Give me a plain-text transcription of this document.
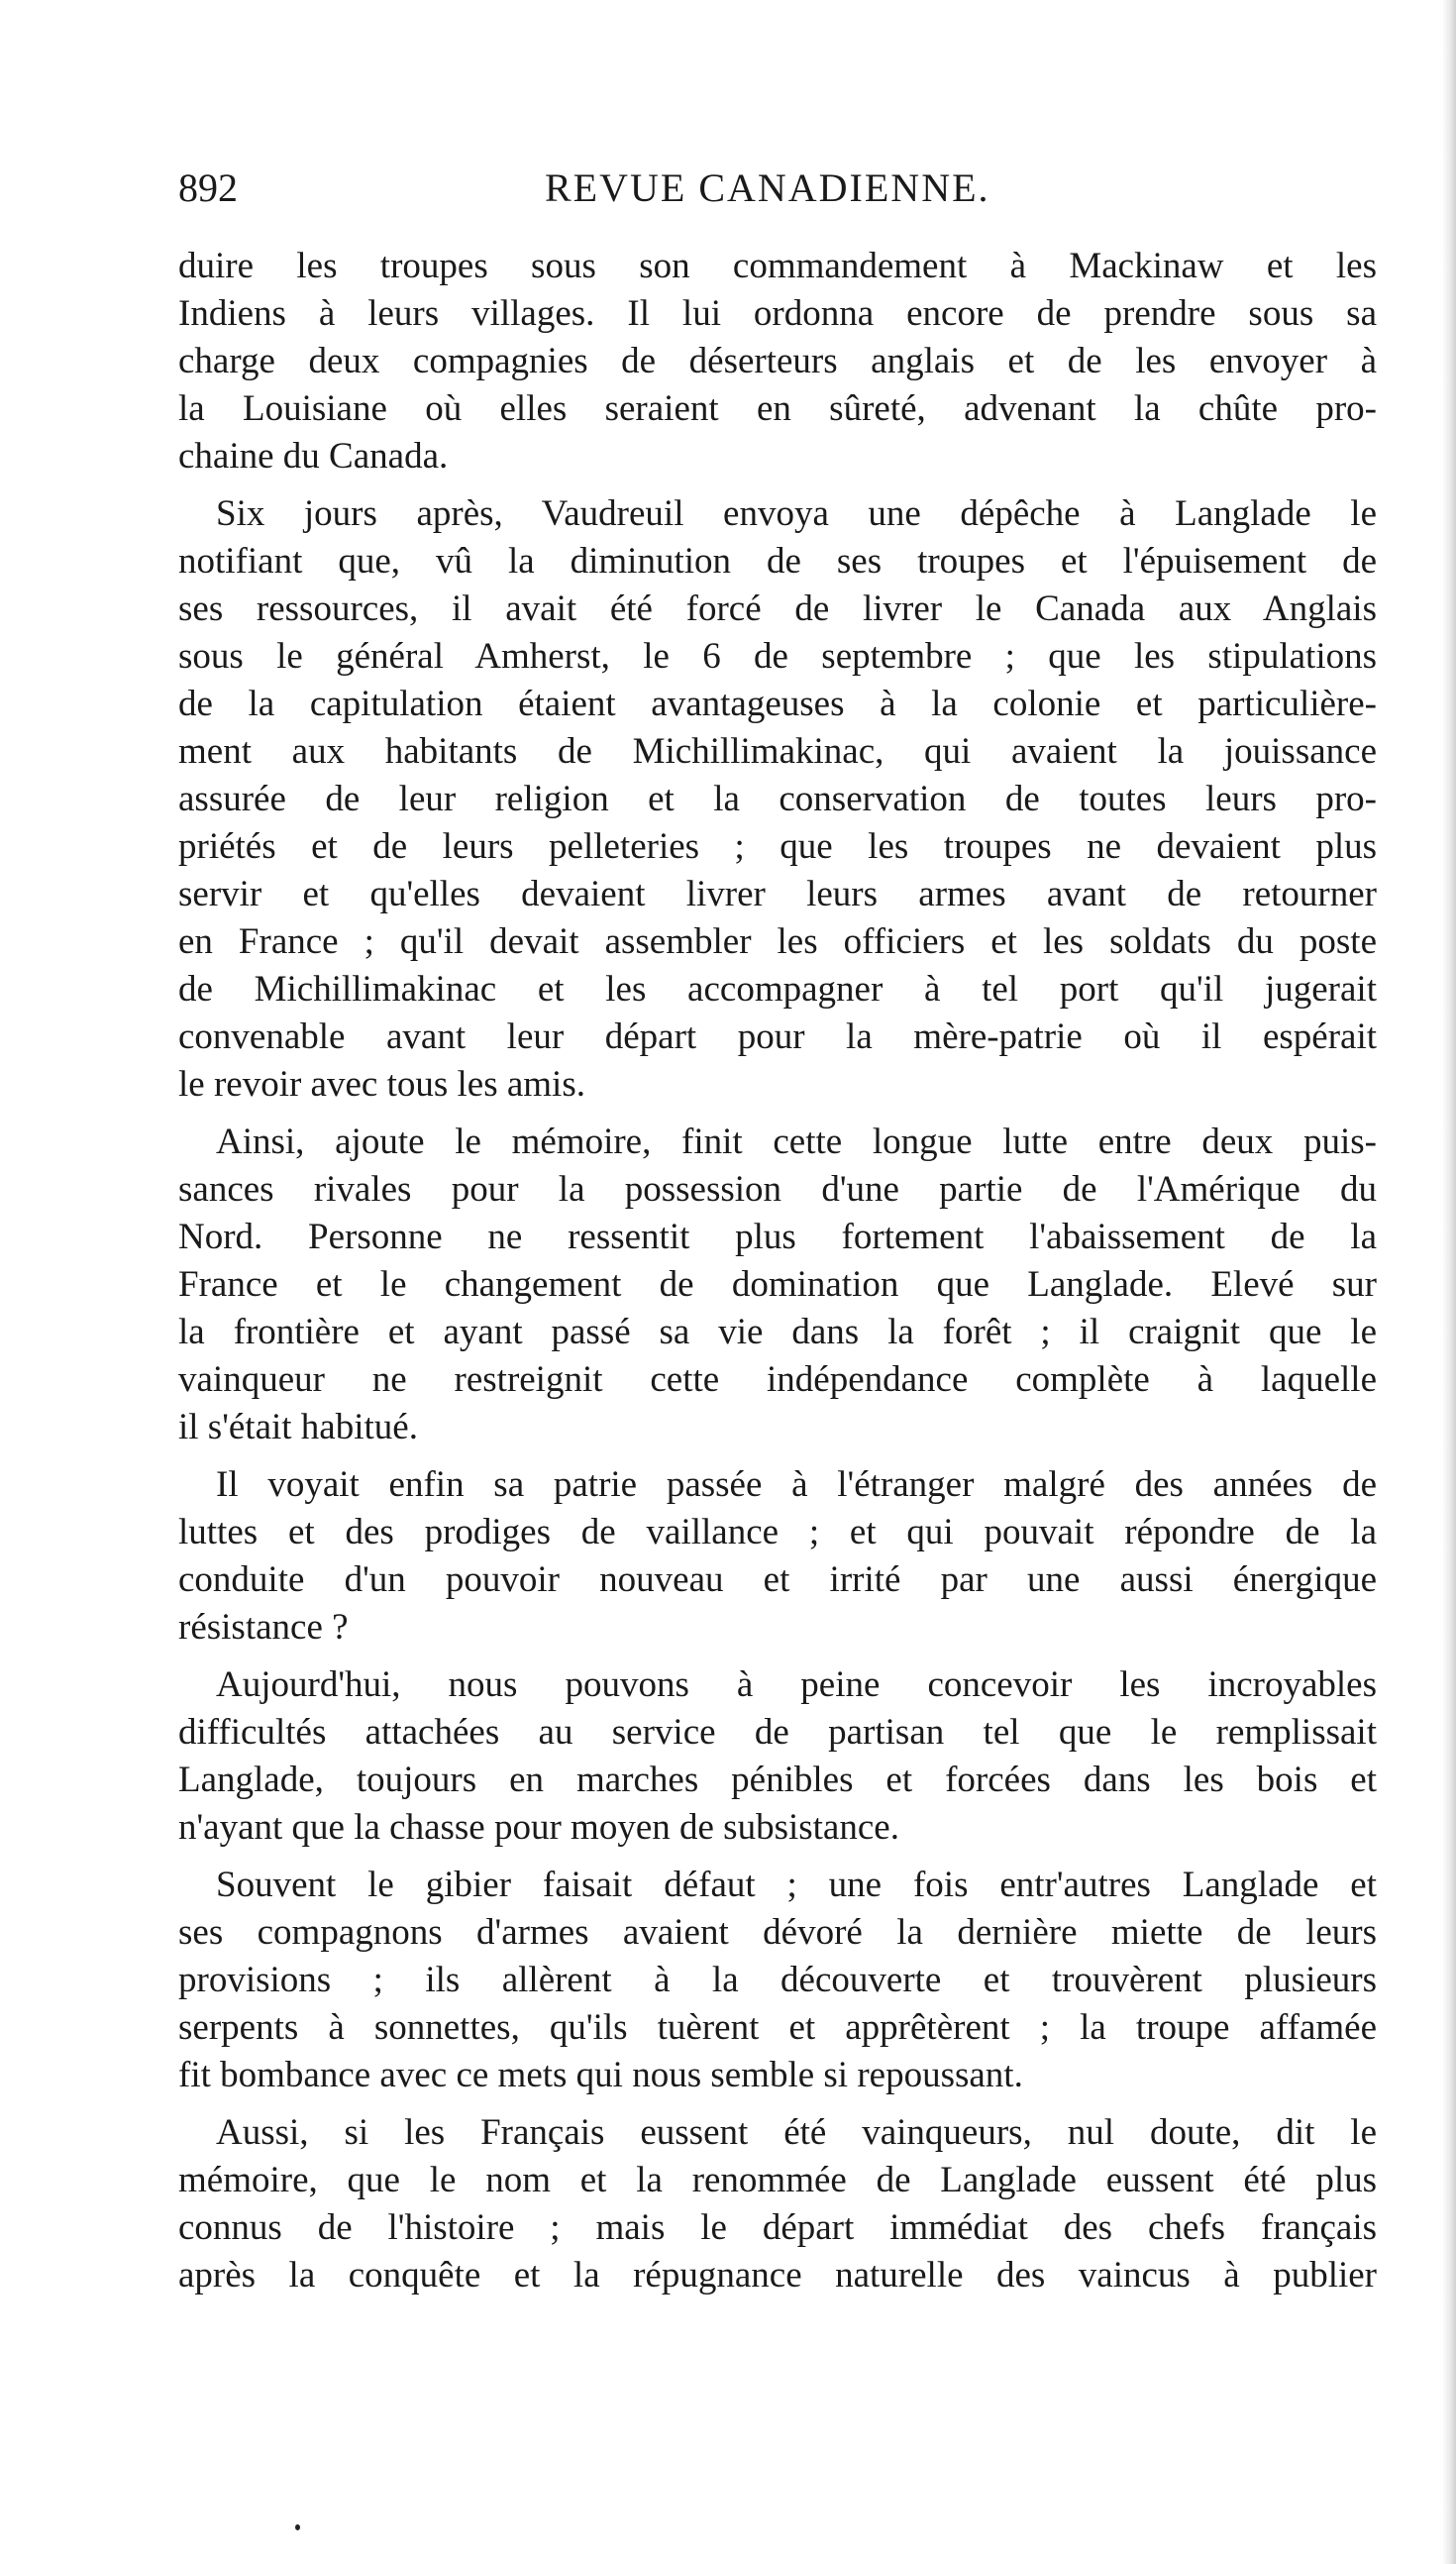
892	REVUE CANADIENNE.
duire les troupes sous son commandement à Mackinaw et les
Indiens à leurs villages. Il lui ordonna encore de prendre sous sa
charge deux compagnies de déserteurs anglais et de les envoyer à
la Louisiane où elles seraient en sûreté, advenant la chûte pro-
chaine du Canada.
Six jours après, Vaudreuil envoya une dépêche à Langlade le
notifiant que, vû la diminution de ses troupes et l'épuisement de
ses ressources, il avait été forcé de livrer le Canada aux Anglais
sous le général Amherst, le 6 de septembre ; que les stipulations
de la capitulation étaient avantageuses à la colonie et particulière-
ment aux habitants de Michillimakinac, qui avaient la jouissance
assurée de leur religion et la conservation de toutes leurs pro-
priétés et de leurs pelleteries ; que les troupes ne devaient plus
servir et qu'elles devaient livrer leurs armes avant de retourner
en France ; qu'il devait assembler les officiers et les soldats du poste
de Michillimakinac et les accompagner à tel port qu'il jugerait
convenable avant leur départ pour la mère-patrie où il espérait
le revoir avec tous les amis.
Ainsi, ajoute le mémoire, finit cette longue lutte entre deux puis-
sances rivales pour la possession d'une partie de l'Amérique du
Nord. Personne ne ressentit plus fortement l'abaissement de la
France et le changement de domination que Langlade. Elevé sur
la frontière et ayant passé sa vie dans la forêt ; il craignit que le
vainqueur ne restreignit cette indépendance complète à laquelle
il s'était habitué.
Il voyait enfin sa patrie passée à l'étranger malgré des années de
luttes et des prodiges de vaillance ; et qui pouvait répondre de la
conduite d'un pouvoir nouveau et irrité par une aussi énergique
résistance ?
Aujourd'hui, nous pouvons à peine concevoir les incroyables
difficultés attachées au service de partisan tel que le remplissait
Langlade, toujours en marches pénibles et forcées dans les bois et
n'ayant que la chasse pour moyen de subsistance.
Souvent le gibier faisait défaut ; une fois entr'autres Langlade et
ses compagnons d'armes avaient dévoré la dernière miette de leurs
provisions ; ils allèrent à la découverte et trouvèrent plusieurs
serpents à sonnettes, qu'ils tuèrent et apprêtèrent ; la troupe affamée
fit bombance avec ce mets qui nous semble si repoussant.
Aussi, si les Français eussent été vainqueurs, nul doute, dit le
mémoire, que le nom et la renommée de Langlade eussent été plus
connus de l'histoire ; mais le départ immédiat des chefs français
après la conquête et la répugnance naturelle des vaincus à publier
